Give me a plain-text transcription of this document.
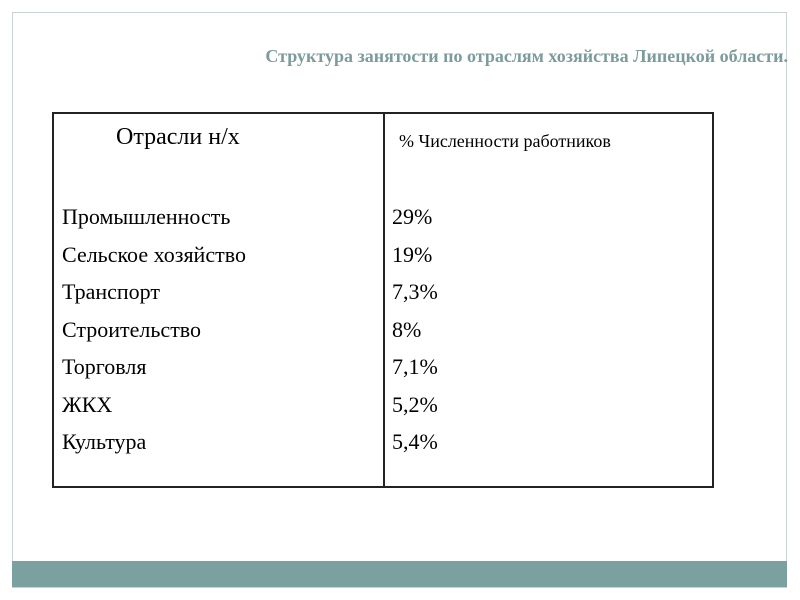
Структура занятости по отраслям хозяйства Липецкой области.
Отрасли н/х	% Численности работников
Промышленность
Сельское хозяйство
Транспорт
Строительство
Торговля
ЖКХ
Культура
29%
19%
7,3%
8%
7,1%
5,2%
5,4%
